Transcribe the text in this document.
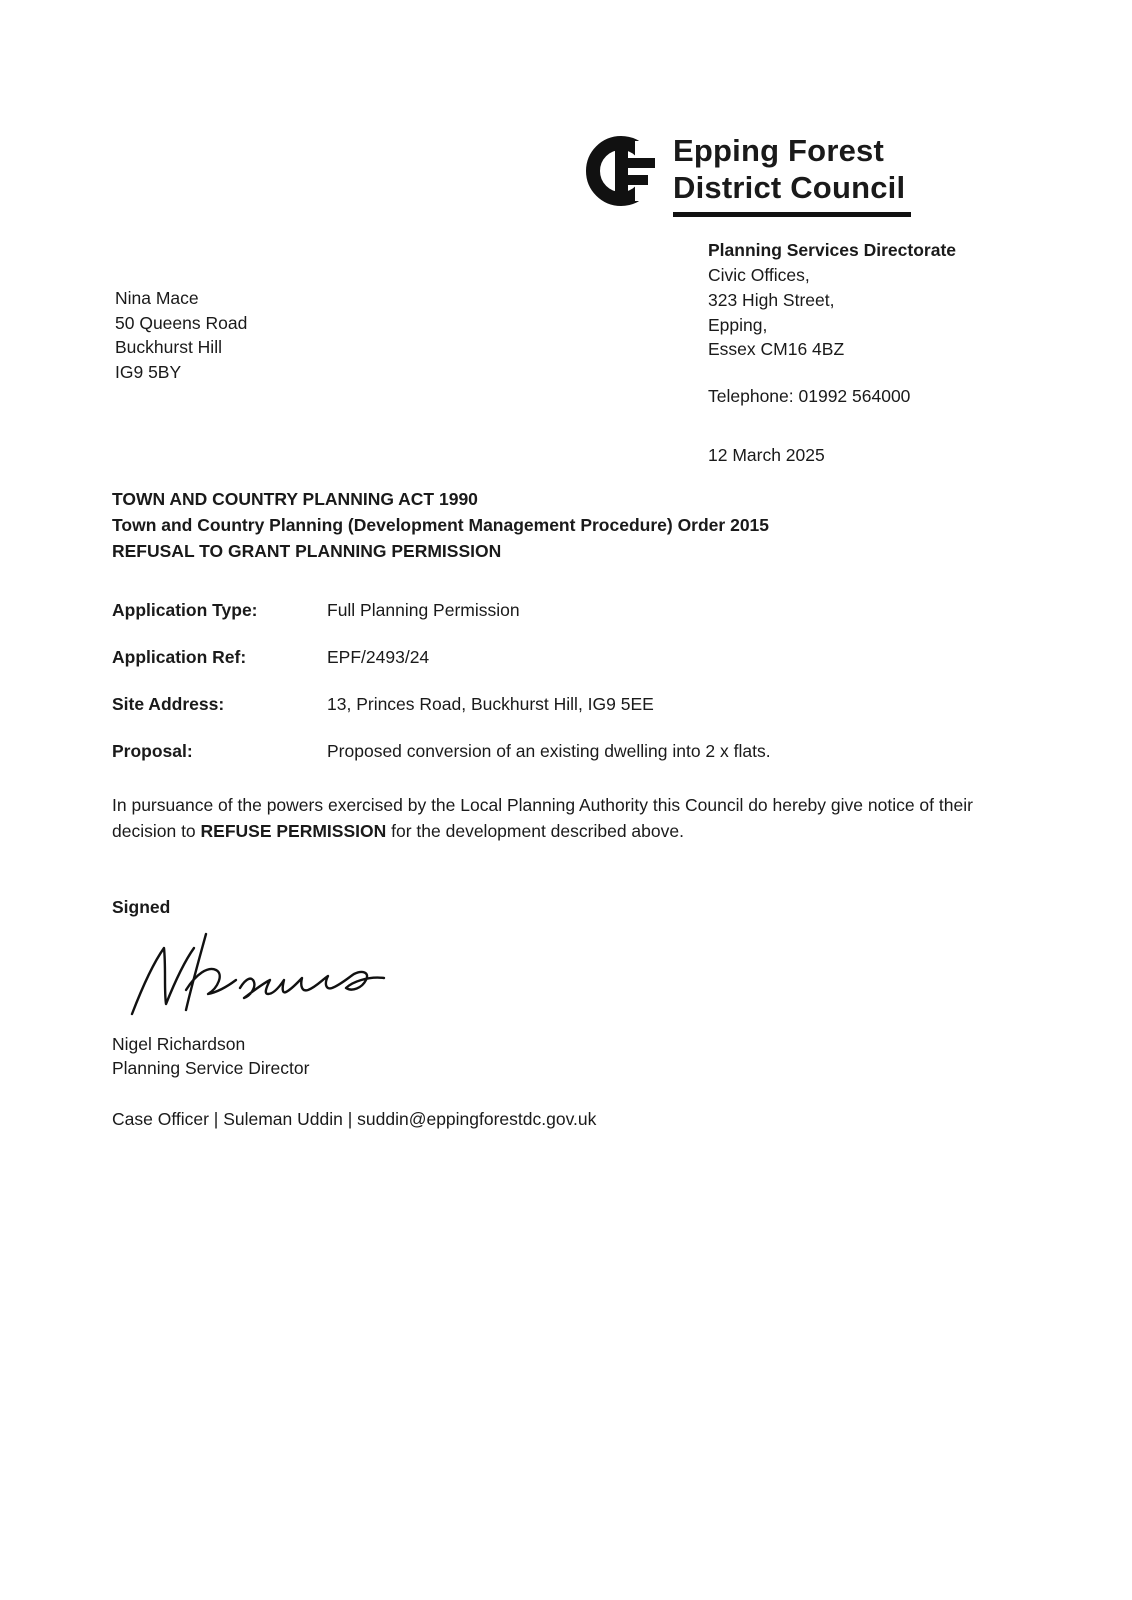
Epping Forest
District Council
Planning Services Directorate
Civic Offices,
323 High Street,
Epping,
Essex CM16 4BZ
Telephone: 01992 564000
12 March 2025
Nina Mace
50 Queens Road
Buckhurst Hill
IG9 5BY
TOWN AND COUNTRY PLANNING ACT 1990
Town and Country Planning (Development Management Procedure) Order 2015
REFUSAL TO GRANT PLANNING PERMISSION
Application Type:	Full Planning Permission
Application Ref:	EPF/2493/24
Site Address:	13, Princes Road, Buckhurst Hill, IG9 5EE
Proposal:	Proposed conversion of an existing dwelling into 2 x flats.
In pursuance of the powers exercised by the Local Planning Authority this Council do hereby give notice of their decision to REFUSE PERMISSION for the development described above.
Signed
Nigel Richardson
Planning Service Director
Case Officer | Suleman Uddin | suddin@eppingforestdc.gov.uk
